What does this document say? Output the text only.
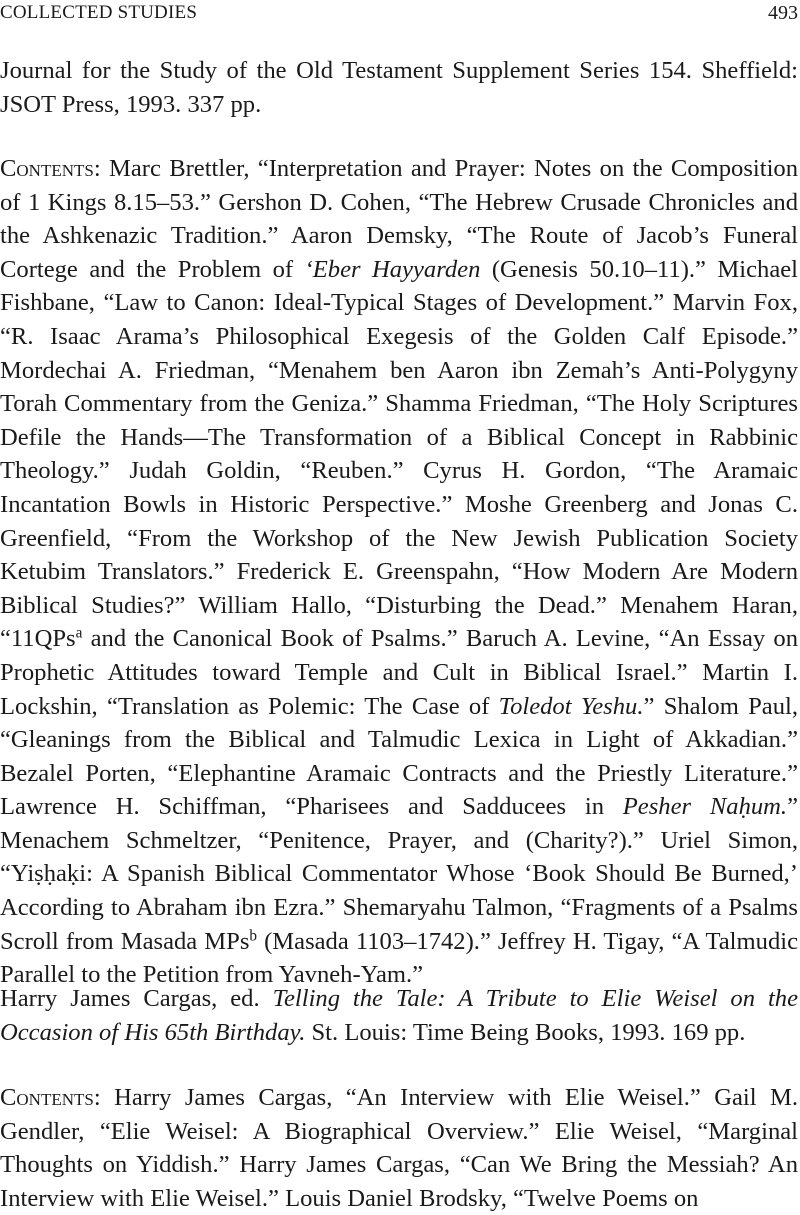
COLLECTED STUDIES	493

Journal for the Study of the Old Testament Supplement Series 154. Sheffield: JSOT Press, 1993. 337 pp.

Contents: Marc Brettler, “Interpretation and Prayer: Notes on the Composition of 1 Kings 8.15–53.” Gershon D. Cohen, “The Hebrew Crusade Chronicles and the Ashkenazic Tradition.” Aaron Demsky, “The Route of Jacob’s Funeral Cortege and the Problem of ‘Eber Hayyarden (Genesis 50.10–11).” Michael Fishbane, “Law to Canon: Ideal-Typical Stages of Development.” Marvin Fox, “R. Isaac Arama’s Philosophical Exegesis of the Golden Calf Episode.” Mordechai A. Friedman, “Menahem ben Aaron ibn Zemah’s Anti-Polygyny Torah Commentary from the Geniza.” Shamma Friedman, “The Holy Scriptures Defile the Hands—The Transformation of a Biblical Concept in Rabbinic Theology.” Judah Goldin, “Reuben.” Cyrus H. Gordon, “The Aramaic Incantation Bowls in Historic Perspective.” Moshe Greenberg and Jonas C. Greenfield, “From the Workshop of the New Jewish Publication Society Ketubim Translators.” Frederick E. Greenspahn, “How Modern Are Modern Biblical Studies?” William Hallo, “Disturbing the Dead.” Menahem Haran, “11QPs$^a$ and the Canonical Book of Psalms.” Baruch A. Levine, “An Essay on Prophetic Attitudes toward Temple and Cult in Biblical Israel.” Martin I. Lockshin, “Translation as Polemic: The Case of Toledot Yeshu.” Shalom Paul, “Gleanings from the Biblical and Talmudic Lexica in Light of Akkadian.” Bezalel Porten, “Elephantine Aramaic Contracts and the Priestly Literature.” Lawrence H. Schiffman, “Pharisees and Sadducees in Pesher Naḥum.” Menachem Schmeltzer, “Penitence, Prayer, and (Charity?).” Uriel Simon, “Yiṣḥaḳi: A Spanish Biblical Commentator Whose ‘Book Should Be Burned,’ According to Abraham ibn Ezra.” Shemaryahu Talmon, “Fragments of a Psalms Scroll from Masada MPs$^b$ (Masada 1103–1742).” Jeffrey H. Tigay, “A Talmudic Parallel to the Petition from Yavneh-Yam.”

Harry James Cargas, ed. Telling the Tale: A Tribute to Elie Weisel on the Occasion of His 65th Birthday. St. Louis: Time Being Books, 1993. 169 pp.

Contents: Harry James Cargas, “An Interview with Elie Weisel.” Gail M. Gendler, “Elie Weisel: A Biographical Overview.” Elie Weisel, “Marginal Thoughts on Yiddish.” Harry James Cargas, “Can We Bring the Messiah? An Interview with Elie Weisel.” Louis Daniel Brodsky, “Twelve Poems on
